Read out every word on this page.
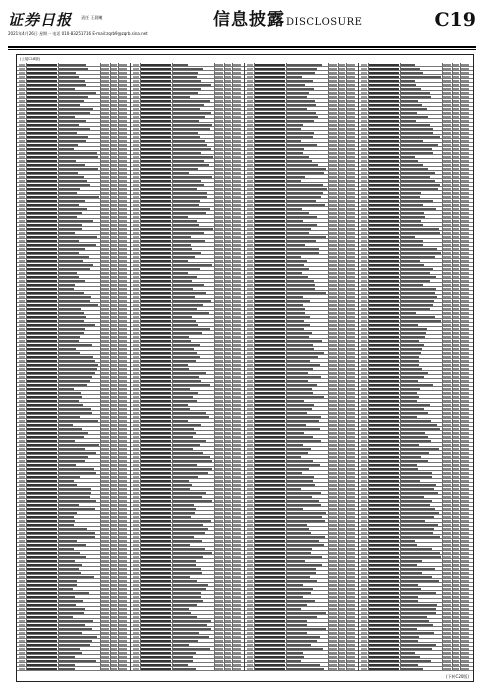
证券日报 责任 王晨曦
2021年4月26日 星期一 电话 010-83251716 E-mail:zqrb9@zqrb.sina.net
信息披露DISCLOSURE	C19
(上接C18版)
(下转C20版)
